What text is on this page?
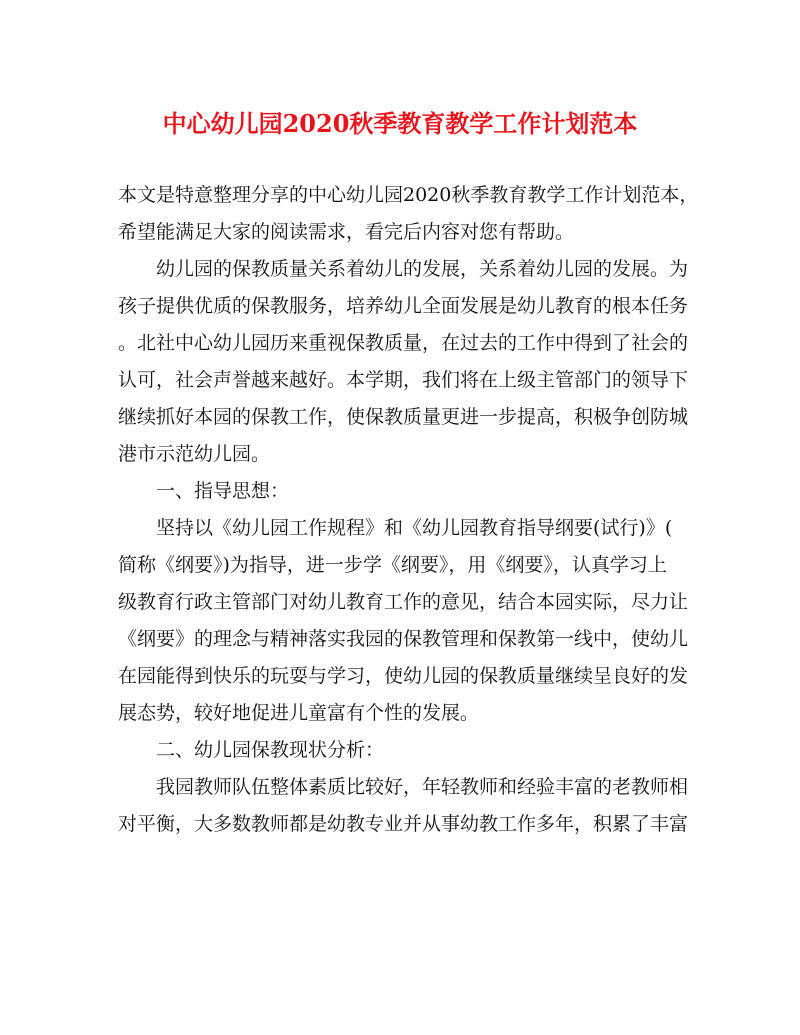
中心幼儿园2020秋季教育教学工作计划范本

本文是特意整理分享的中心幼儿园2020秋季教育教学工作计划范本，
希望能满足大家的阅读需求，看完后内容对您有帮助。

幼儿园的保教质量关系着幼儿的发展，关系着幼儿园的发展。为
孩子提供优质的保教服务，培养幼儿全面发展是幼儿教育的根本任务
。北社中心幼儿园历来重视保教质量，在过去的工作中得到了社会的
认可，社会声誉越来越好。本学期，我们将在上级主管部门的领导下
继续抓好本园的保教工作，使保教质量更进一步提高，积极争创防城
港市示范幼儿园。

一、指导思想：

坚持以《幼儿园工作规程》和《幼儿园教育指导纲要(试行)》(
简称《纲要》)为指导，进一步学《纲要》，用《纲要》，认真学习上
级教育行政主管部门对幼儿教育工作的意见，结合本园实际，尽力让
《纲要》的理念与精神落实我园的保教管理和保教第一线中，使幼儿
在园能得到快乐的玩耍与学习，使幼儿园的保教质量继续呈良好的发
展态势，较好地促进儿童富有个性的发展。

二、幼儿园保教现状分析：

我园教师队伍整体素质比较好，年轻教师和经验丰富的老教师相
对平衡，大多数教师都是幼教专业并从事幼教工作多年，积累了丰富
